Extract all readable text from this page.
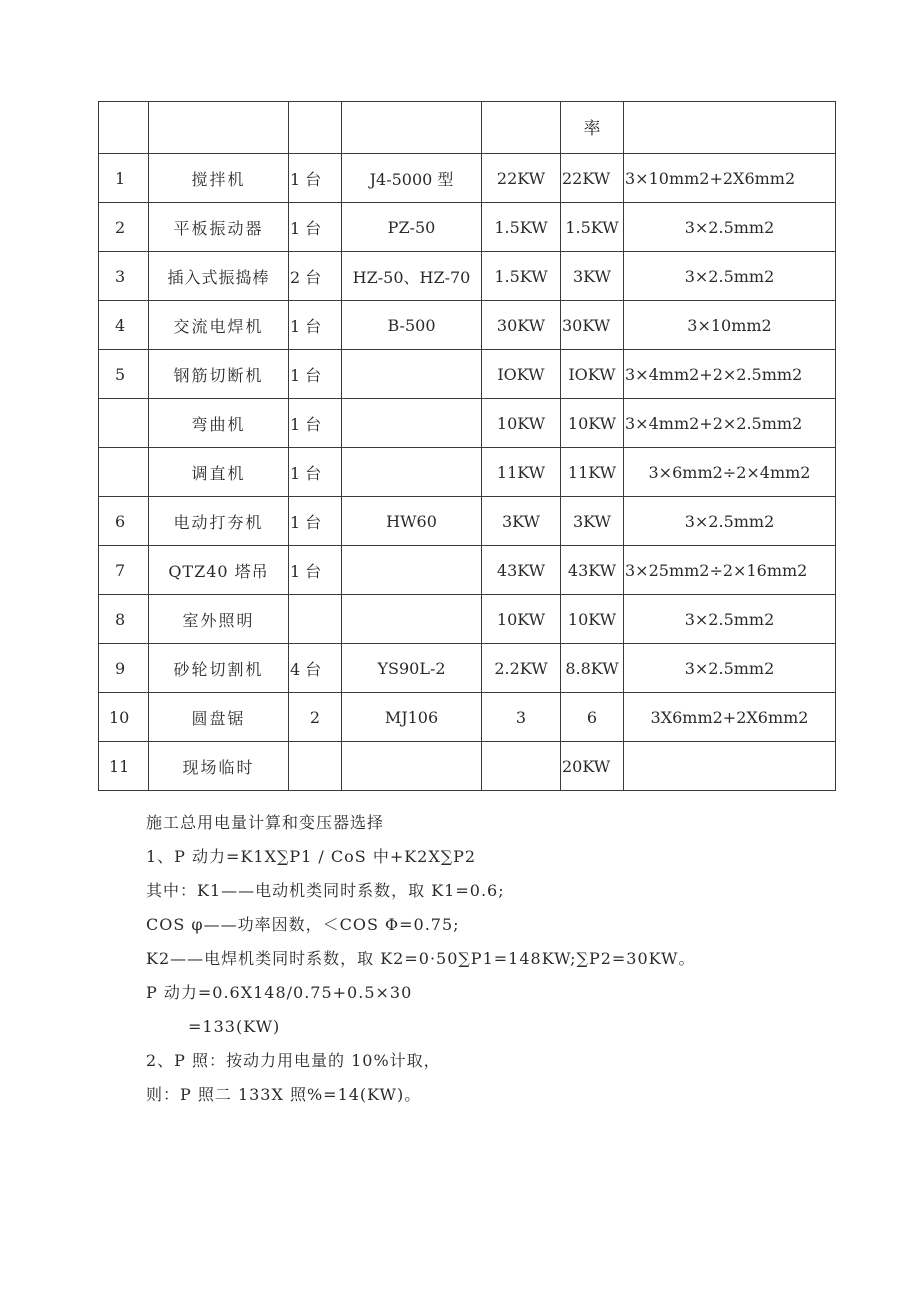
					率	
1	搅拌机	1 台	J4-5000 型	22KW	22KW	3×10mm2+2X6mm2
2	平板振动器	1 台	PZ-50	1.5KW	1.5KW	3×2.5mm2
3	插入式振捣棒	2 台	HZ-50、HZ-70	1.5KW	3KW	3×2.5mm2
4	交流电焊机	1 台	B-500	30KW	30KW	3×10mm2
5	钢筋切断机	1 台		IOKW	IOKW	3×4mm2+2×2.5mm2
	弯曲机	1 台		10KW	10KW	3×4mm2+2×2.5mm2
	调直机	1 台		11KW	11KW	3×6mm2÷2×4mm2
6	电动打夯机	1 台	HW60	3KW	3KW	3×2.5mm2
7	QTZ40 塔吊	1 台		43KW	43KW	3×25mm2÷2×16mm2
8	室外照明			10KW	10KW	3×2.5mm2
9	砂轮切割机	4 台	YS90L-2	2.2KW	8.8KW	3×2.5mm2
10	圆盘锯	2	MJ106	3	6	3X6mm2+2X6mm2
11	现场临时				20KW	
施工总用电量计算和变压器选择
1、P 动力=K1X∑P1 / CoS 中+K2X∑P2
其中：K1——电动机类同时系数，取 K1=0.6;
COS φ——功率因数，＜COS Φ=0.75;
K2——电焊机类同时系数，取 K2=0·50∑P1=148KW;∑P2=30KW。
P 动力=0.6X148/0.75+0.5×30
=133(KW)
2、P 照：按动力用电量的 10%计取，
则：P 照二 133X 照%=14(KW)。
